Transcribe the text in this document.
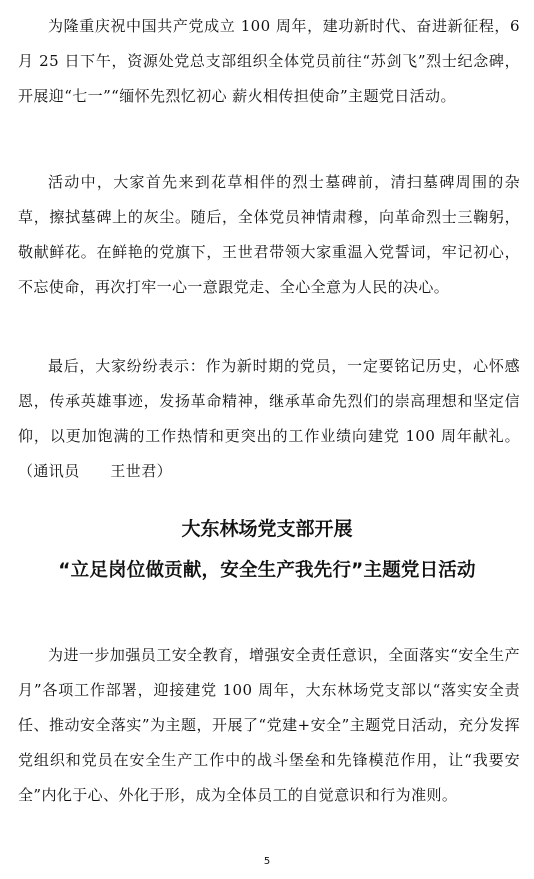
为隆重庆祝中国共产党成立 100 周年，建功新时代、奋进新征程，6 月 25 日下午，资源处党总支部组织全体党员前往“苏剑飞”烈士纪念碑，开展迎“七一”“缅怀先烈忆初心 薪火相传担使命”主题党日活动。

活动中，大家首先来到花草相伴的烈士墓碑前，清扫墓碑周围的杂草，擦拭墓碑上的灰尘。随后，全体党员神情肃穆，向革命烈士三鞠躬，敬献鲜花。在鲜艳的党旗下，王世君带领大家重温入党誓词，牢记初心，不忘使命，再次打牢一心一意跟党走、全心全意为人民的决心。

最后，大家纷纷表示：作为新时期的党员，一定要铭记历史，心怀感恩，传承英雄事迹，发扬革命精神，继承革命先烈们的崇高理想和坚定信仰，以更加饱满的工作热情和更突出的工作业绩向建党 100 周年献礼。（通讯员　　王世君）

大东林场党支部开展
“立足岗位做贡献，安全生产我先行”主题党日活动

为进一步加强员工安全教育，增强安全责任意识，全面落实“安全生产月”各项工作部署，迎接建党 100 周年，大东林场党支部以“落实安全责任、推动安全落实”为主题，开展了“党建+安全”主题党日活动，充分发挥党组织和党员在安全生产工作中的战斗堡垒和先锋模范作用，让“我要安全”内化于心、外化于形，成为全体员工的自觉意识和行为准则。

5
